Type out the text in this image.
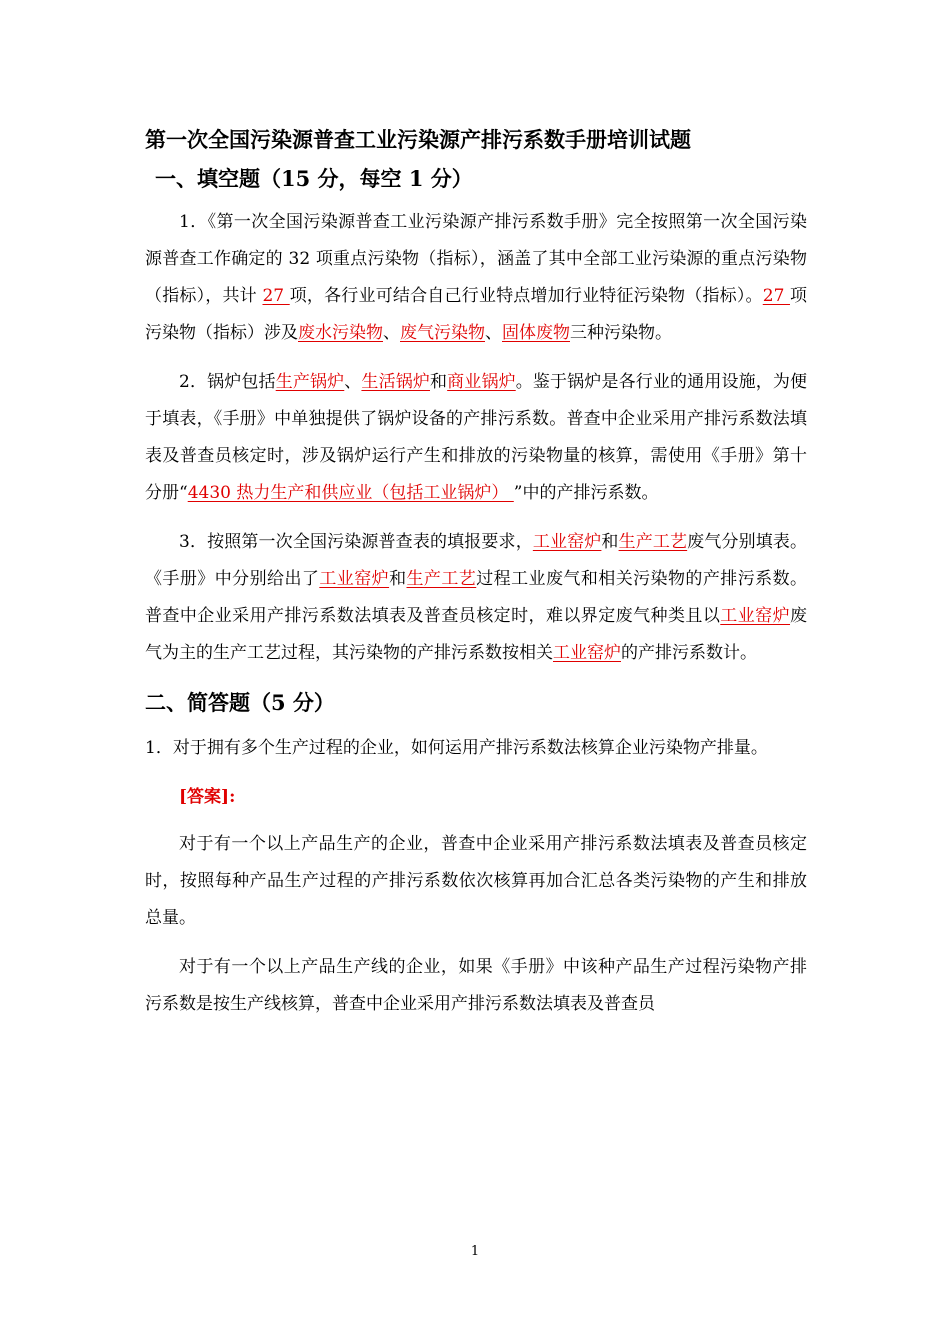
第一次全国污染源普查工业污染源产排污系数手册培训试题
一、填空题（15 分，每空 1 分）

1．《第一次全国污染源普查工业污染源产排污系数手册》完全按照第一次全国污染源普查工作确定的 32 项重点污染物（指标），涵盖了其中全部工业污染源的重点污染物（指标），共计 27 项，各行业可结合自己行业特点增加行业特征污染物（指标）。27 项污染物（指标）涉及废水污染物、废气污染物、固体废物三种污染物。

2．锅炉包括生产锅炉、生活锅炉和商业锅炉。鉴于锅炉是各行业的通用设施，为便于填表，《手册》中单独提供了锅炉设备的产排污系数。普查中企业采用产排污系数法填表及普查员核定时，涉及锅炉运行产生和排放的污染物量的核算，需使用《手册》第十分册“4430 热力生产和供应业（包括工业锅炉） ”中的产排污系数。

3．按照第一次全国污染源普查表的填报要求，工业窑炉和生产工艺废气分别填表。《手册》中分别给出了工业窑炉和生产工艺过程工业废气和相关污染物的产排污系数。普查中企业采用产排污系数法填表及普查员核定时，难以界定废气种类且以工业窑炉废气为主的生产工艺过程，其污染物的产排污系数按相关工业窑炉的产排污系数计。

二、简答题（5 分）

1．对于拥有多个生产过程的企业，如何运用产排污系数法核算企业污染物产排量。

[答案]:

对于有一个以上产品生产的企业，普查中企业采用产排污系数法填表及普查员核定时，按照每种产品生产过程的产排污系数依次核算再加合汇总各类污染物的产生和排放总量。

对于有一个以上产品生产线的企业，如果《手册》中该种产品生产过程污染物产排污系数是按生产线核算，普查中企业采用产排污系数法填表及普查员

1
